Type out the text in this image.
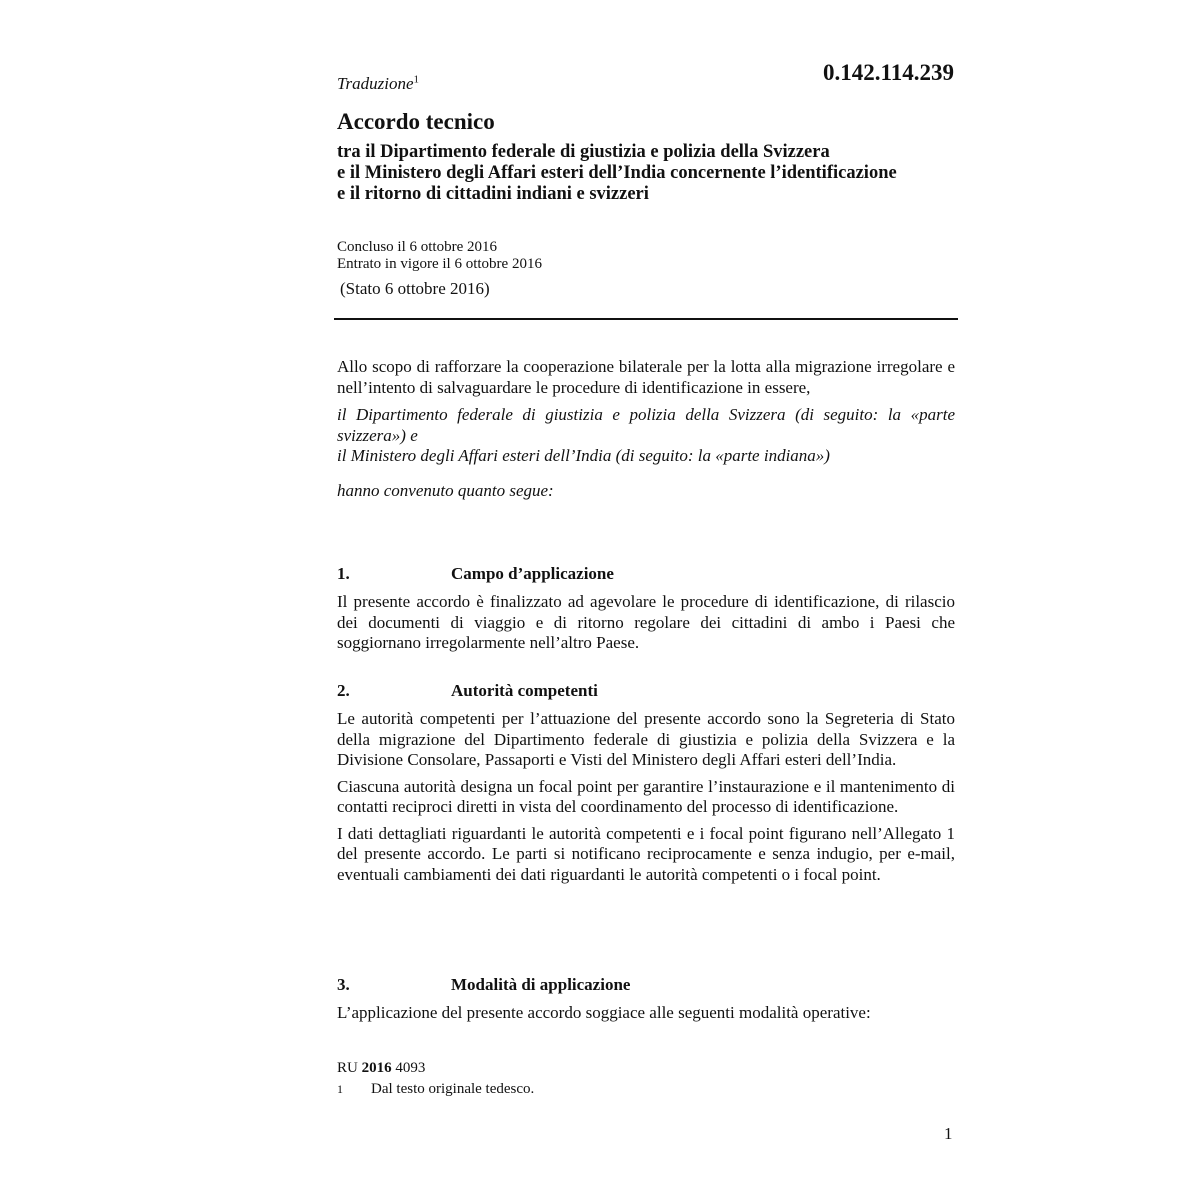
Traduzione$^1$	0.142.114.239
Accordo tecnico
tra il Dipartimento federale di giustizia e polizia della Svizzera
e il Ministero degli Affari esteri dell’India concernente l’identificazione
e il ritorno di cittadini indiani e svizzeri
Concluso il 6 ottobre 2016
Entrato in vigore il 6 ottobre 2016
(Stato 6 ottobre 2016)
Allo scopo di rafforzare la cooperazione bilaterale per la lotta alla migrazione irregolare e nell’intento di salvaguardare le procedure di identificazione in essere,
il Dipartimento federale di giustizia e polizia della Svizzera (di seguito: la «parte svizzera») e
il Ministero degli Affari esteri dell’India (di seguito: la «parte indiana»)
hanno convenuto quanto segue:
1.	Campo d’applicazione
Il presente accordo è finalizzato ad agevolare le procedure di identificazione, di rilascio dei documenti di viaggio e di ritorno regolare dei cittadini di ambo i Paesi che soggiornano irregolarmente nell’altro Paese.
2.	Autorità competenti
Le autorità competenti per l’attuazione del presente accordo sono la Segreteria di Stato della migrazione del Dipartimento federale di giustizia e polizia della Svizzera e la Divisione Consolare, Passaporti e Visti del Ministero degli Affari esteri dell’India.
Ciascuna autorità designa un focal point per garantire l’instaurazione e il mantenimento di contatti reciproci diretti in vista del coordinamento del processo di identificazione.
I dati dettagliati riguardanti le autorità competenti e i focal point figurano nell’Allegato 1 del presente accordo. Le parti si notificano reciprocamente e senza indugio, per e-mail, eventuali cambiamenti dei dati riguardanti le autorità competenti o i focal point.
3.	Modalità di applicazione
L’applicazione del presente accordo soggiace alle seguenti modalità operative:
RU 2016 4093
1 Dal testo originale tedesco.
1
